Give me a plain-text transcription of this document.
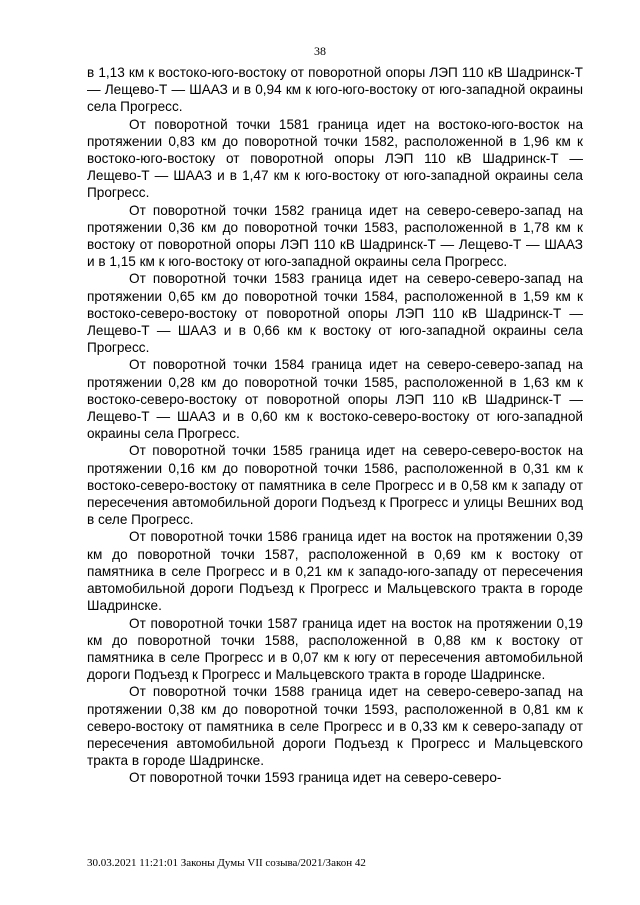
38

в 1,13 км к востоко-юго-востоку от поворотной опоры ЛЭП 110 кВ Шадринск-Т — Лещево-Т — ШААЗ и в 0,94 км к юго-юго-востоку от юго-западной окраины села Прогресс.

От поворотной точки 1581 граница идет на востоко-юго-восток на протяжении 0,83 км до поворотной точки 1582, расположенной в 1,96 км к востоко-юго-востоку от поворотной опоры ЛЭП 110 кВ Шадринск-Т — Лещево-Т — ШААЗ и в 1,47 км к юго-востоку от юго-западной окраины села Прогресс.

От поворотной точки 1582 граница идет на северо-северо-запад на протяжении 0,36 км до поворотной точки 1583, расположенной в 1,78 км к востоку от поворотной опоры ЛЭП 110 кВ Шадринск-Т — Лещево-Т — ШААЗ и в 1,15 км к юго-востоку от юго-западной окраины села Прогресс.

От поворотной точки 1583 граница идет на северо-северо-запад на протяжении 0,65 км до поворотной точки 1584, расположенной в 1,59 км к востоко-северо-востоку от поворотной опоры ЛЭП 110 кВ Шадринск-Т — Лещево-Т — ШААЗ и в 0,66 км к востоку от юго-западной окраины села Прогресс.

От поворотной точки 1584 граница идет на северо-северо-запад на протяжении 0,28 км до поворотной точки 1585, расположенной в 1,63 км к востоко-северо-востоку от поворотной опоры ЛЭП 110 кВ Шадринск-Т — Лещево-Т — ШААЗ и в 0,60 км к востоко-северо-востоку от юго-западной окраины села Прогресс.

От поворотной точки 1585 граница идет на северо-северо-восток на протяжении 0,16 км до поворотной точки 1586, расположенной в 0,31 км к востоко-северо-востоку от памятника в селе Прогресс и в 0,58 км к западу от пересечения автомобильной дороги Подъезд к Прогресс и улицы Вешних вод в селе Прогресс.

От поворотной точки 1586 граница идет на восток на протяжении 0,39 км до поворотной точки 1587, расположенной в 0,69 км к востоку от памятника в селе Прогресс и в 0,21 км к западо-юго-западу от пересечения автомобильной дороги Подъезд к Прогресс и Мальцевского тракта в городе Шадринске.

От поворотной точки 1587 граница идет на восток на протяжении 0,19 км до поворотной точки 1588, расположенной в 0,88 км к востоку от памятника в селе Прогресс и в 0,07 км к югу от пересечения автомобильной дороги Подъезд к Прогресс и Мальцевского тракта в городе Шадринске.

От поворотной точки 1588 граница идет на северо-северо-запад на протяжении 0,38 км до поворотной точки 1593, расположенной в 0,81 км к северо-востоку от памятника в селе Прогресс и в 0,33 км к северо-западу от пересечения автомобильной дороги Подъезд к Прогресс и Мальцевского тракта в городе Шадринске.

От поворотной точки 1593 граница идет на северо-северо-

30.03.2021 11:21:01 Законы Думы VII созыва/2021/Закон 42
